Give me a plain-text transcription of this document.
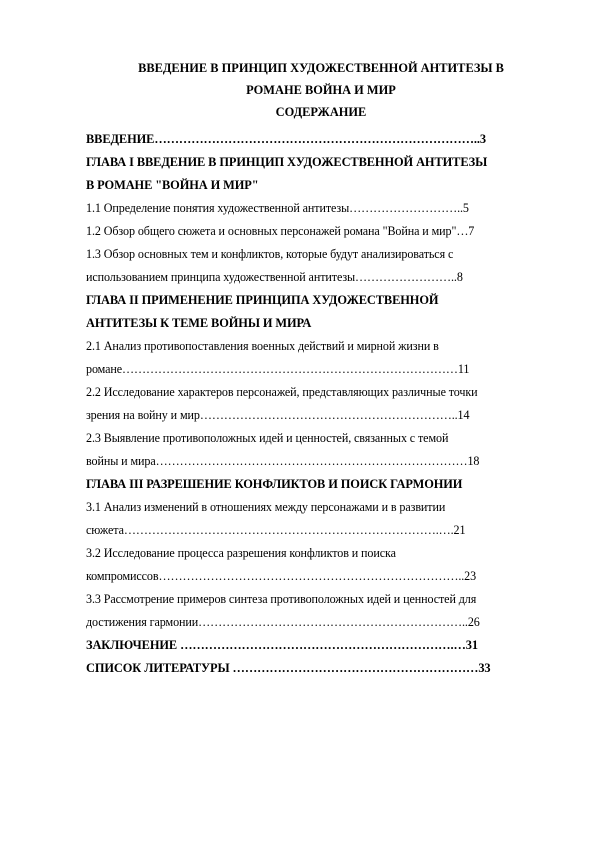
ВВЕДЕНИЕ В ПРИНЦИП ХУДОЖЕСТВЕННОЙ АНТИТЕЗЫ В
РОМАНЕ ВОЙНА И МИР
СОДЕРЖАНИЕ
ВВЕДЕНИЕ……………………………………………………………………..3
ГЛАВА I ВВЕДЕНИЕ В ПРИНЦИП ХУДОЖЕСТВЕННОЙ АНТИТЕЗЫ
В РОМАНЕ "ВОЙНА И МИР"
1.1 Определение понятия художественной антитезы………………………..5
1.2 Обзор общего сюжета и основных персонажей романа "Война и мир"…7
1.3 Обзор основных тем и конфликтов, которые будут анализироваться с
использованием принципа художественной антитезы……………………..8
ГЛАВА II ПРИМЕНЕНИЕ ПРИНЦИПА ХУДОЖЕСТВЕННОЙ
АНТИТЕЗЫ К ТЕМЕ ВОЙНЫ И МИРА
2.1 Анализ противопоставления военных действий и мирной жизни в
романе…………………………………………………………………………11
2.2 Исследование характеров персонажей, представляющих различные точки
зрения на войну и мир………………………………………………………..14
2.3 Выявление противоположных идей и ценностей, связанных с темой
войны и мира……………………………………………………………………18
ГЛАВА III РАЗРЕШЕНИЕ КОНФЛИКТОВ И ПОИСК ГАРМОНИИ
3.1 Анализ изменений в отношениях между персонажами и в развитии
сюжета…………………………………………………………………….….21
3.2 Исследование процесса разрешения конфликтов и поиска
компромиссов…………………………………………………………………..23
3.3 Рассмотрение примеров синтеза противоположных идей и ценностей для
достижения гармонии…………………………………………………………..26
ЗАКЛЮЧЕНИЕ ………………………………………………………….…31
СПИСОК ЛИТЕРАТУРЫ ……………………………………………………33
